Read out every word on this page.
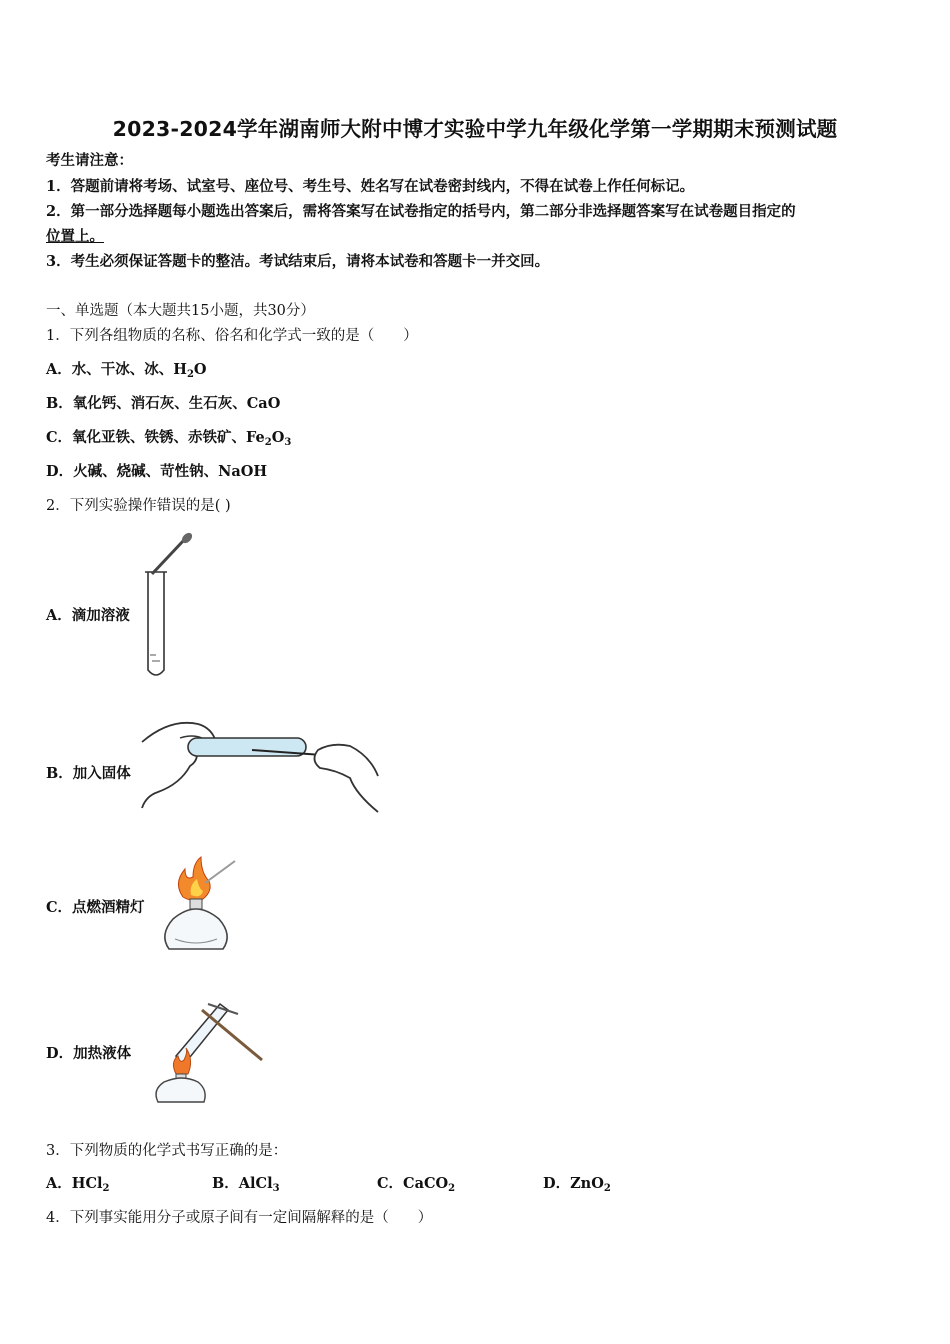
2023-2024学年湖南师大附中博才实验中学九年级化学第一学期期末预测试题
考生请注意：
1．答题前请将考场、试室号、座位号、考生号、姓名写在试卷密封线内，不得在试卷上作任何标记。
2．第一部分选择题每小题选出答案后，需将答案写在试卷指定的括号内，第二部分非选择题答案写在试卷题目指定的
位置上。
3．考生必须保证答题卡的整洁。考试结束后，请将本试卷和答题卡一并交回。
一、单选题（本大题共15小题，共30分）
1．下列各组物质的名称、俗名和化学式一致的是（　　）
A．水、干冰、冰、$H_2O$
B．氧化钙、消石灰、生石灰、CaO
C．氧化亚铁、铁锈、赤铁矿、$Fe_2O_3$
D．火碱、烧碱、苛性钠、NaOH
2．下列实验操作错误的是( )
A．滴加溶液
B．加入固体
C．点燃酒精灯
D．加热液体
3．下列物质的化学式书写正确的是：
A．HCl$_2$	B．AlCl$_3$	C．CaCO$_2$	D．ZnO$_2$
4．下列事实能用分子或原子间有一定间隔解释的是（　　）
